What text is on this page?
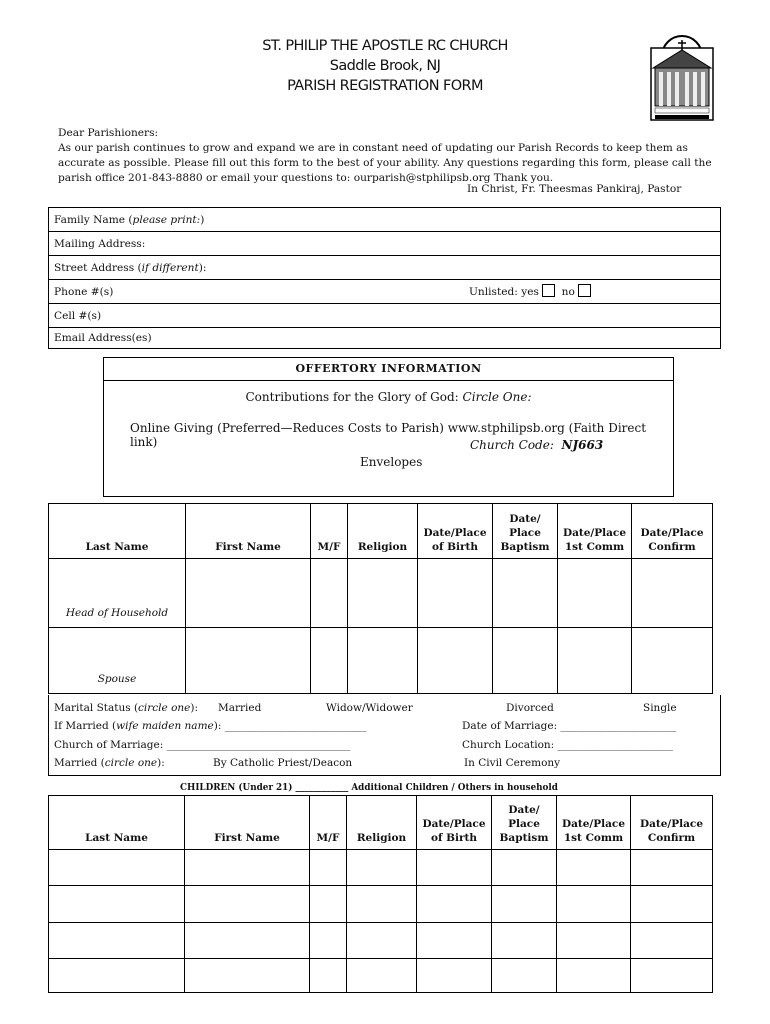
ST. PHILIP THE APOSTLE RC CHURCH
Saddle Brook, NJ
PARISH REGISTRATION FORM
Dear Parishioners:
As our parish continues to grow and expand we are in constant need of updating our Parish Records to keep them as accurate as possible. Please fill out this form to the best of your ability. Any questions regarding this form, please call the parish office 201-843-8880 or email your questions to: ourparish@stphilipsb.org Thank you.
In Christ, Fr. Theesmas Pankiraj, Pastor
Family Name (please print:)
Mailing Address:
Street Address (if different):
Phone #(s)	Unlisted: yes no
Cell #(s)
Email Address(es)
OFFERTORY INFORMATION
Contributions for the Glory of God: Circle One:
Online Giving (Preferred—Reduces Costs to Parish) www.stphilipsb.org (Faith Direct link)	Church Code: NJ663
Envelopes
Last Name	First Name	M/F	Religion	Date/Place of Birth	Date/ Place Baptism	Date/Place 1st Comm	Date/Place Confirm
Head of Household							
Spouse							
Marital Status (circle one): Married	Widow/Widower	Divorced	Single
If Married (wife maiden name): ___________________________	Date of Marriage: ______________________
Church of Marriage: ___________________________________	Church Location: ______________________
Married (circle one):	By Catholic Priest/Deacon	In Civil Ceremony
CHILDREN (Under 21) ____________ Additional Children / Others in household
Last Name	First Name	M/F	Religion	Date/Place of Birth	Date/ Place Baptism	Date/Place 1st Comm	Date/Place Confirm
